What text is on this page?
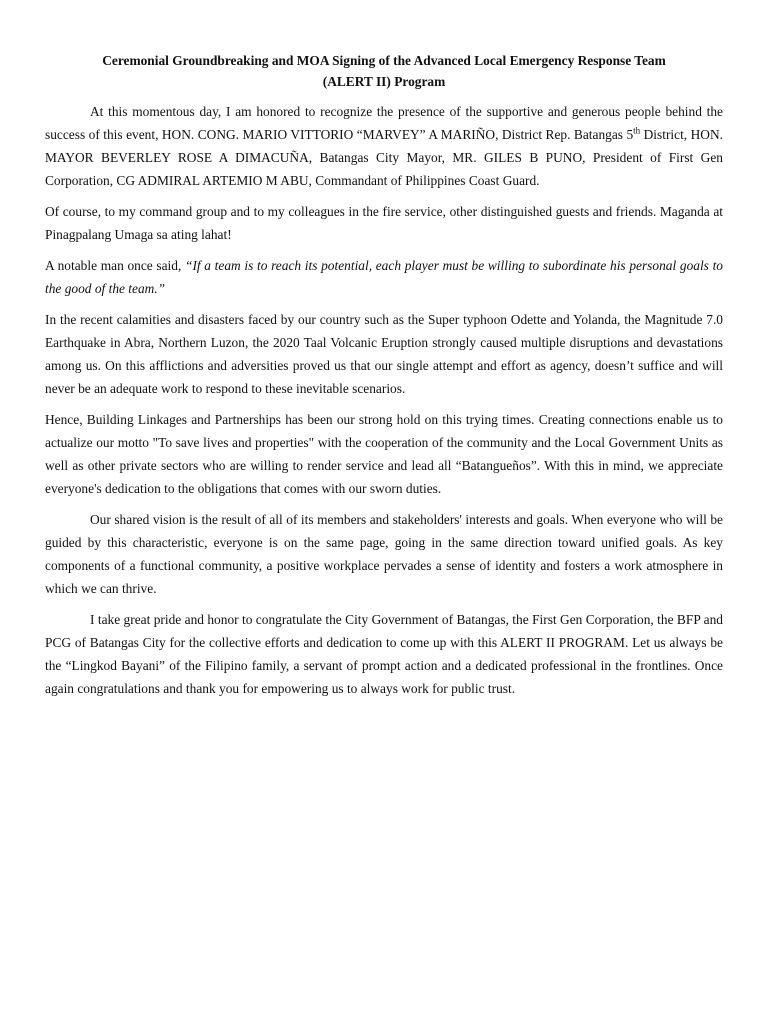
Ceremonial Groundbreaking and MOA Signing of the Advanced Local Emergency Response Team
(ALERT II) Program

At this momentous day, I am honored to recognize the presence of the supportive and generous people behind the success of this event, HON. CONG. MARIO VITTORIO “MARVEY” A MARIÑO, District Rep. Batangas 5th District, HON. MAYOR BEVERLEY ROSE A DIMACUÑA, Batangas City Mayor, MR. GILES B PUNO, President of First Gen Corporation, CG ADMIRAL ARTEMIO M ABU, Commandant of Philippines Coast Guard.

Of course, to my command group and to my colleagues in the fire service, other distinguished guests and friends. Maganda at Pinagpalang Umaga sa ating lahat!

A notable man once said, “If a team is to reach its potential, each player must be willing to subordinate his personal goals to the good of the team.”

In the recent calamities and disasters faced by our country such as the Super typhoon Odette and Yolanda, the Magnitude 7.0 Earthquake in Abra, Northern Luzon, the 2020 Taal Volcanic Eruption strongly caused multiple disruptions and devastations among us. On this afflictions and adversities proved us that our single attempt and effort as agency, doesn’t suffice and will never be an adequate work to respond to these inevitable scenarios.

Hence, Building Linkages and Partnerships has been our strong hold on this trying times. Creating connections enable us to actualize our motto "To save lives and properties" with the cooperation of the community and the Local Government Units as well as other private sectors who are willing to render service and lead all “Batangueños”. With this in mind, we appreciate everyone's dedication to the obligations that comes with our sworn duties.

Our shared vision is the result of all of its members and stakeholders' interests and goals. When everyone who will be guided by this characteristic, everyone is on the same page, going in the same direction toward unified goals. As key components of a functional community, a positive workplace pervades a sense of identity and fosters a work atmosphere in which we can thrive.

I take great pride and honor to congratulate the City Government of Batangas, the First Gen Corporation, the BFP and PCG of Batangas City for the collective efforts and dedication to come up with this ALERT II PROGRAM. Let us always be the “Lingkod Bayani” of the Filipino family, a servant of prompt action and a dedicated professional in the frontlines. Once again congratulations and thank you for empowering us to always work for public trust.
